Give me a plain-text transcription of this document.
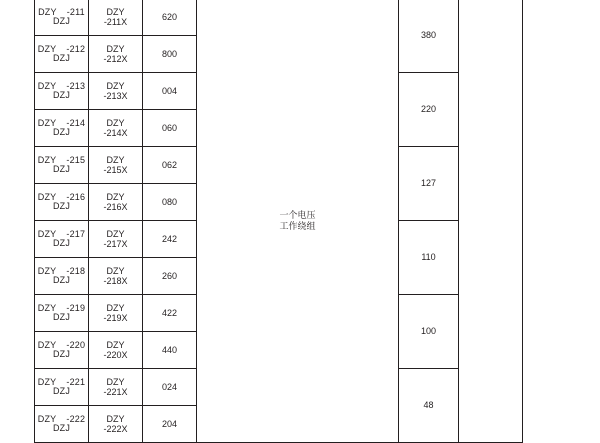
DZY -211
DZJ

DZY
-211X
	620	
一个电压
工作绕组
	380	

DZY -212
DZJ

DZY
-212X
	800

DZY -213
DZJ

DZY
-213X
	004	220

DZY -214
DZJ

DZY
-214X
	060

DZY -215
DZJ

DZY
-215X
	062	127

DZY -216
DZJ

DZY
-216X
	080

DZY -217
DZJ

DZY
-217X
	242	110

DZY -218
DZJ

DZY
-218X
	260

DZY -219
DZJ

DZY
-219X
	422	100

DZY -220
DZJ

DZY
-220X
	440

DZY -221
DZJ

DZY
-221X
	024	48

DZY -222
DZJ

DZY
-222X
	204
